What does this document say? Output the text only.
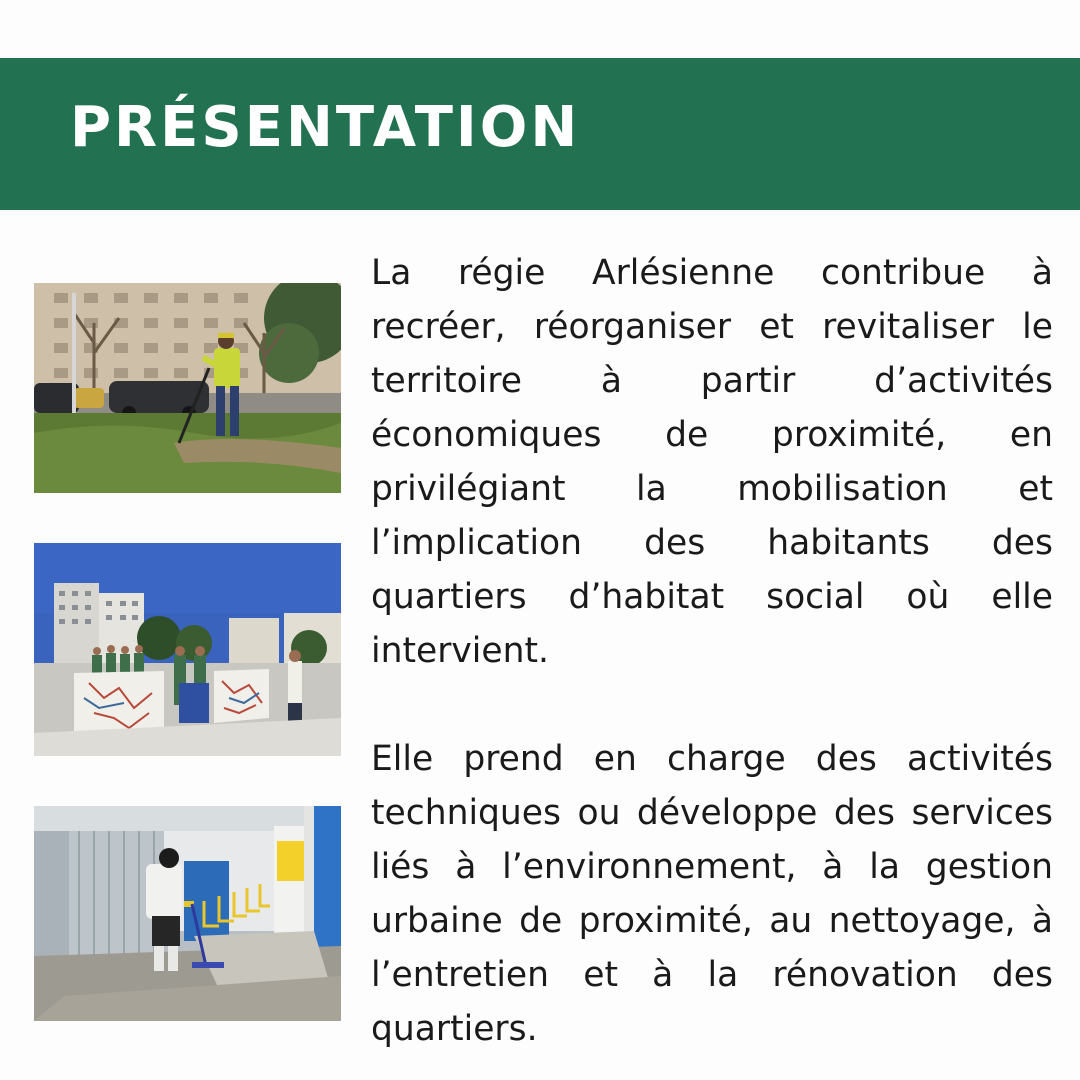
PRÉSENTATION

La régie Arlésienne contribue à recréer, réorganiser et revitaliser le territoire à partir d’activités économiques de proximité, en privilégiant la mobilisation et l’implication des habitants des quartiers d’habitat social où elle intervient.

Elle prend en charge des activités techniques ou développe des services liés à l’environnement, à la gestion urbaine de proximité, au nettoyage, à l’entretien et à la rénovation des quartiers.
